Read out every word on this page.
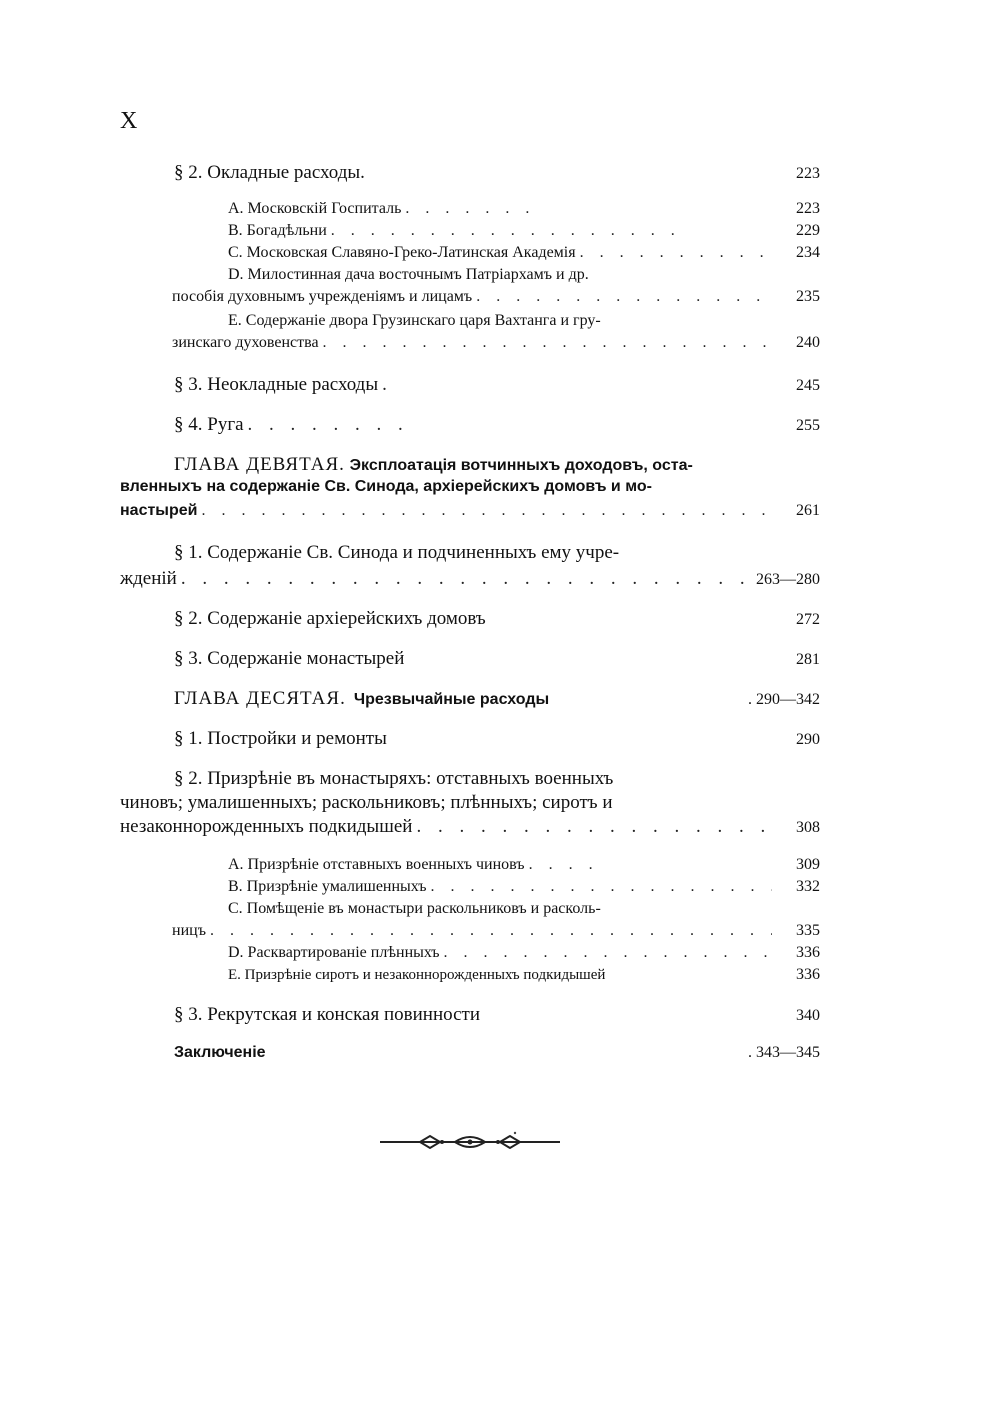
X
§ 2. Окладные расходы.	223
А. Московскій Госпиталь . . .	223
В. Богадѣльни . . .	229
С. Московская Славяно-Греко-Латинская Академія . . .	234
D. Милостинная дача восточнымъ Патріархамъ и др.
пособія духовнымъ учрежденіямъ и лицамъ . . .	235
Е. Содержаніе двора Грузинскаго царя Вахтанга и гру-
зинскаго духовенства . . .	240
§ 3. Неокладные расходы . . .	245
§ 4. Руга . . .	255
ГЛАВА ДЕВЯТАЯ. Эксплоатація вотчинныхъ доходовъ, оста-
вленныхъ на содержаніе Св. Синода, архіерейскихъ домовъ и мо-
настырей . . .	261
§ 1. Содержаніе Св. Синода и подчиненныхъ ему учре-
жденій . . .	263—280
§ 2. Содержаніе архіерейскихъ домовъ	272
§ 3. Содержаніе монастырей	281
ГЛАВА ДЕСЯТАЯ. Чрезвычайные расходы	. 290—342
§ 1. Постройки и ремонты	290
§ 2. Призрѣніе въ монастыряхъ: отставныхъ военныхъ
чиновъ; умалишенныхъ; раскольниковъ; плѣнныхъ; сиротъ и
незаконнорожденныхъ подкидышей . . .	308
А. Призрѣніе отставныхъ военныхъ чиновъ . . .	309
В. Призрѣніе умалишенныхъ . . .	332
С. Помѣщеніе въ монастыри раскольниковъ и расколь-
ницъ . . .	335
D. Расквартированіе плѣнныхъ . . .	336
Е. Призрѣніе сиротъ и незаконнорожденныхъ подкидышей	336
§ 3. Рекрутская и конская повинности	340
Заключеніе	. 343—345
